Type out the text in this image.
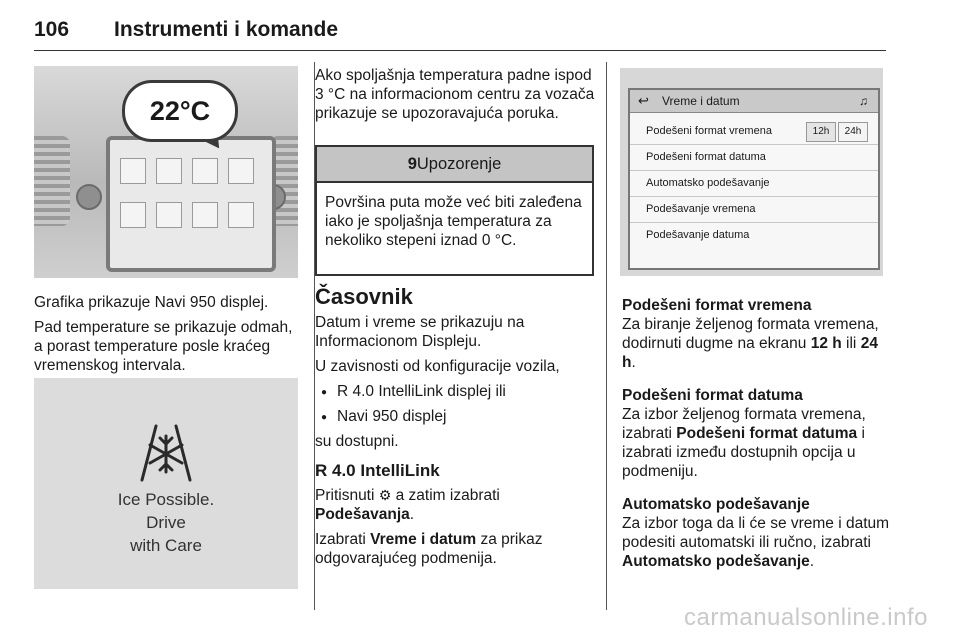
106 Instrumenti i komande
22°C

Grafika prikazuje Navi 950 displej.

Pad temperature se prikazuje odmah, a porast temperature posle kraćeg vremenskog intervala.

Ice Possible.
Drive
with Care

Ako spoljašnja temperatura padne ispod 3 °C na informacionom centru za vozača prikazuje se upozoravajuća poruka.

9Upozorenje
Površina puta može već biti zaleđena iako je spoljašnja temperatura za nekoliko stepeni iznad 0 °C.
Časovnik

Datum i vreme se prikazuju na Informacionom Displeju.

U zavisnosti od konfiguracije vozila,

● R 4.0 IntelliLink displej ili
● Navi 950 displej

su dostupni.

R 4.0 IntelliLink

Pritisnuti ⚙ a zatim izabrati
Podešavanja.

Izabrati Vreme i datum za prikaz odgovarajućeg podmenija.

↩ Vreme i datum	♫
Podešeni format vremena	12h	24h
Podešeni format datuma
Automatsko podešavanje
Podešavanje vremena
Podešavanje datuma

Podešeni format vremena

Za biranje željenog formata vremena, dodirnuti dugme na ekranu 12 h ili 24 h.

Podešeni format datuma

Za izbor željenog formata vremena, izabrati Podešeni format datuma i izabrati između dostupnih opcija u podmeniju.

Automatsko podešavanje

Za izbor toga da li će se vreme i datum podesiti automatski ili ručno, izabrati Automatsko podešavanje.

carmanualsonline.info
